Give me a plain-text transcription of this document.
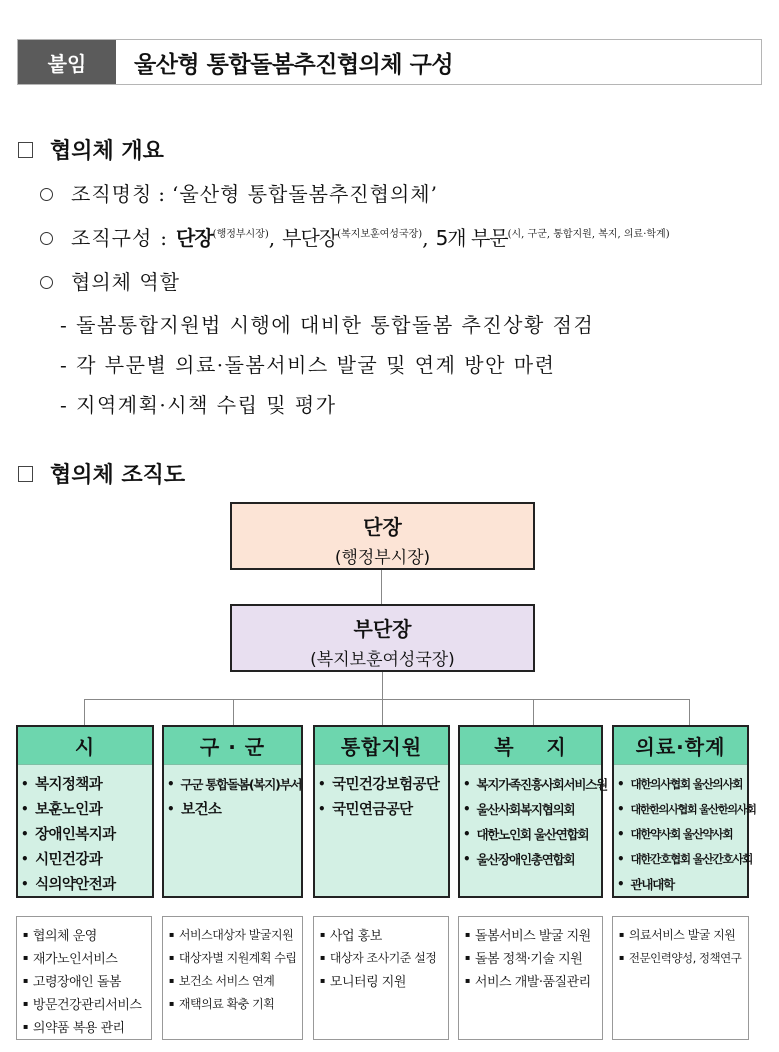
붙임	울산형 통합돌봄추진협의체 구성
협의체 개요
조직명칭 : ‘울산형 통합돌봄추진협의체’
조직구성 : 단장 (행정부시장) , 부단장 (복지보훈여성국장) , 5개 부문 (시, 구군, 통합지원, 복지, 의료·학계)
협의체 역할
- 돌봄통합지원법 시행에 대비한 통합돌봄 추진상황 점검
- 각 부문별 의료·돌봄서비스 발굴 및 연계 방안 마련
- 지역계획·시책 수립 및 평가
협의체 조직도
단장
(행정부시장)
부단장
(복지보훈여성국장)
시
• 복지정책과
• 보훈노인과
• 장애인복지과
• 시민건강과
• 식의약안전과
구 · 군
• 구군 통합돌봄(복지)부서
• 보건소
통합지원
• 국민건강보험공단
• 국민연금공단
복    지
• 복지가족진흥사회서비스원
• 울산사회복지협의회
• 대한노인회 울산연합회
• 울산장애인총연합회
의료·학계
• 대한의사협회 울산의사회
• 대한한의사협회 울산한의사회
• 대한약사회 울산약사회
• 대한간호협회 울산간호사회
• 관내대학
▪ 협의체 운영
▪ 재가노인서비스
▪ 고령장애인 돌봄
▪ 방문건강관리서비스
▪ 의약품 복용 관리
▪ 서비스대상자 발굴지원
▪ 대상자별 지원계획 수립
▪ 보건소 서비스 연계
▪ 재택의료 확충 기획
▪ 사업 홍보
▪ 대상자 조사기준 설정
▪ 모니터링 지원
▪ 돌봄서비스 발굴 지원
▪ 돌봄 정책·기술 지원
▪ 서비스 개발·품질관리
▪ 의료서비스 발굴 지원
▪ 전문인력양성, 정책연구
